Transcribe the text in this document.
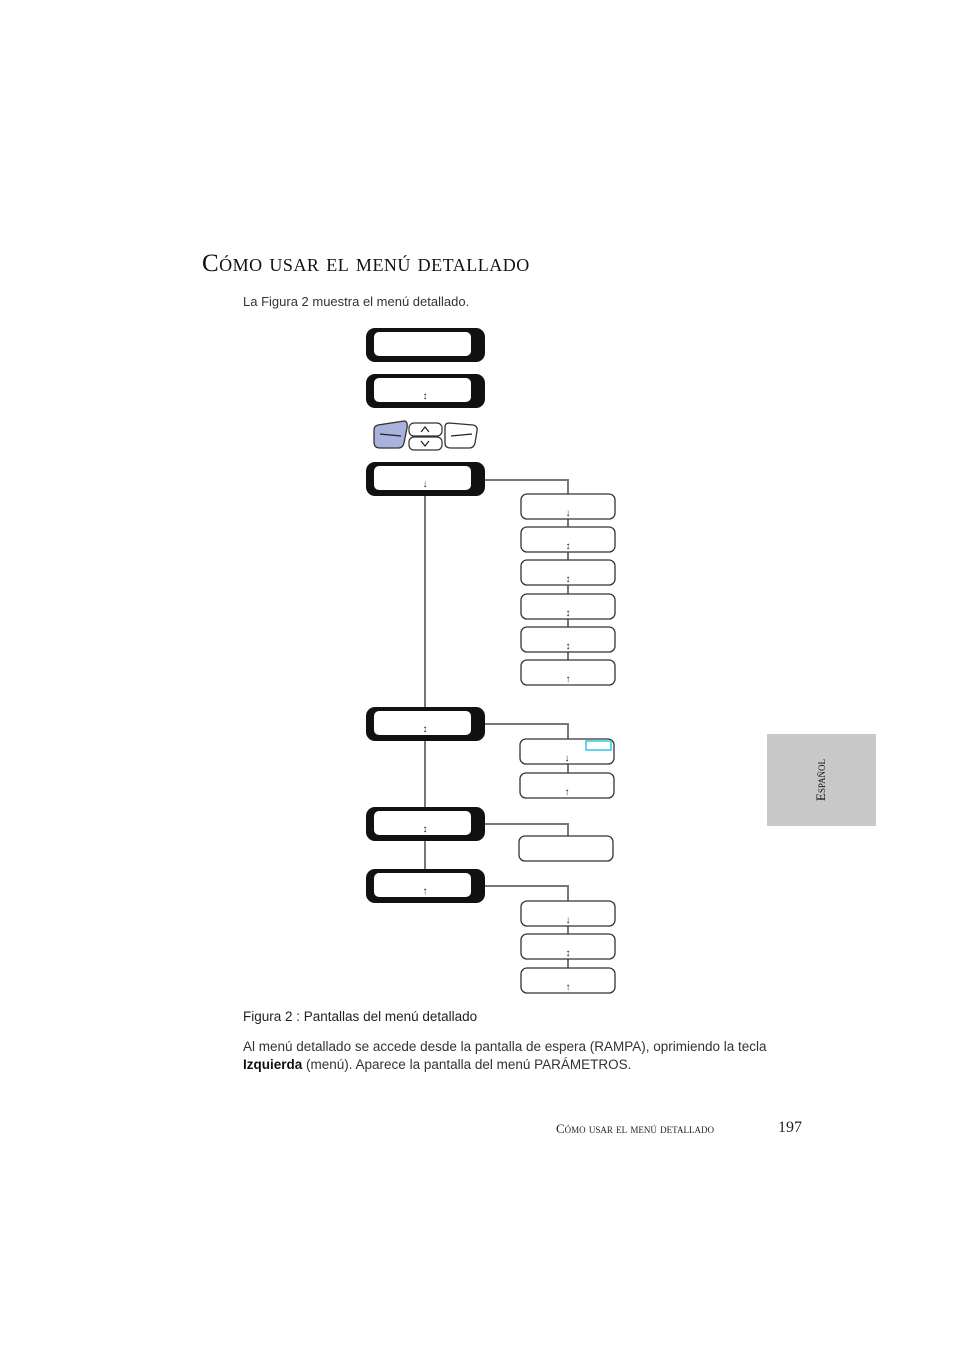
Cómo usar el menú detallado
La Figura 2 muestra el menú detallado.
↕
↓
↕
↕
↑
↓
↕
↕
↕
↕
↑
↓
↑
↓
↕
↑
Figura 2 : Pantallas del menú detallado
Al menú detallado se accede desde la pantalla de espera (RAMPA), oprimiendo la tecla
Izquierda (menú). Aparece la pantalla del menú PARÁMETROS.
Cómo usar el menú detallado	197
Español
